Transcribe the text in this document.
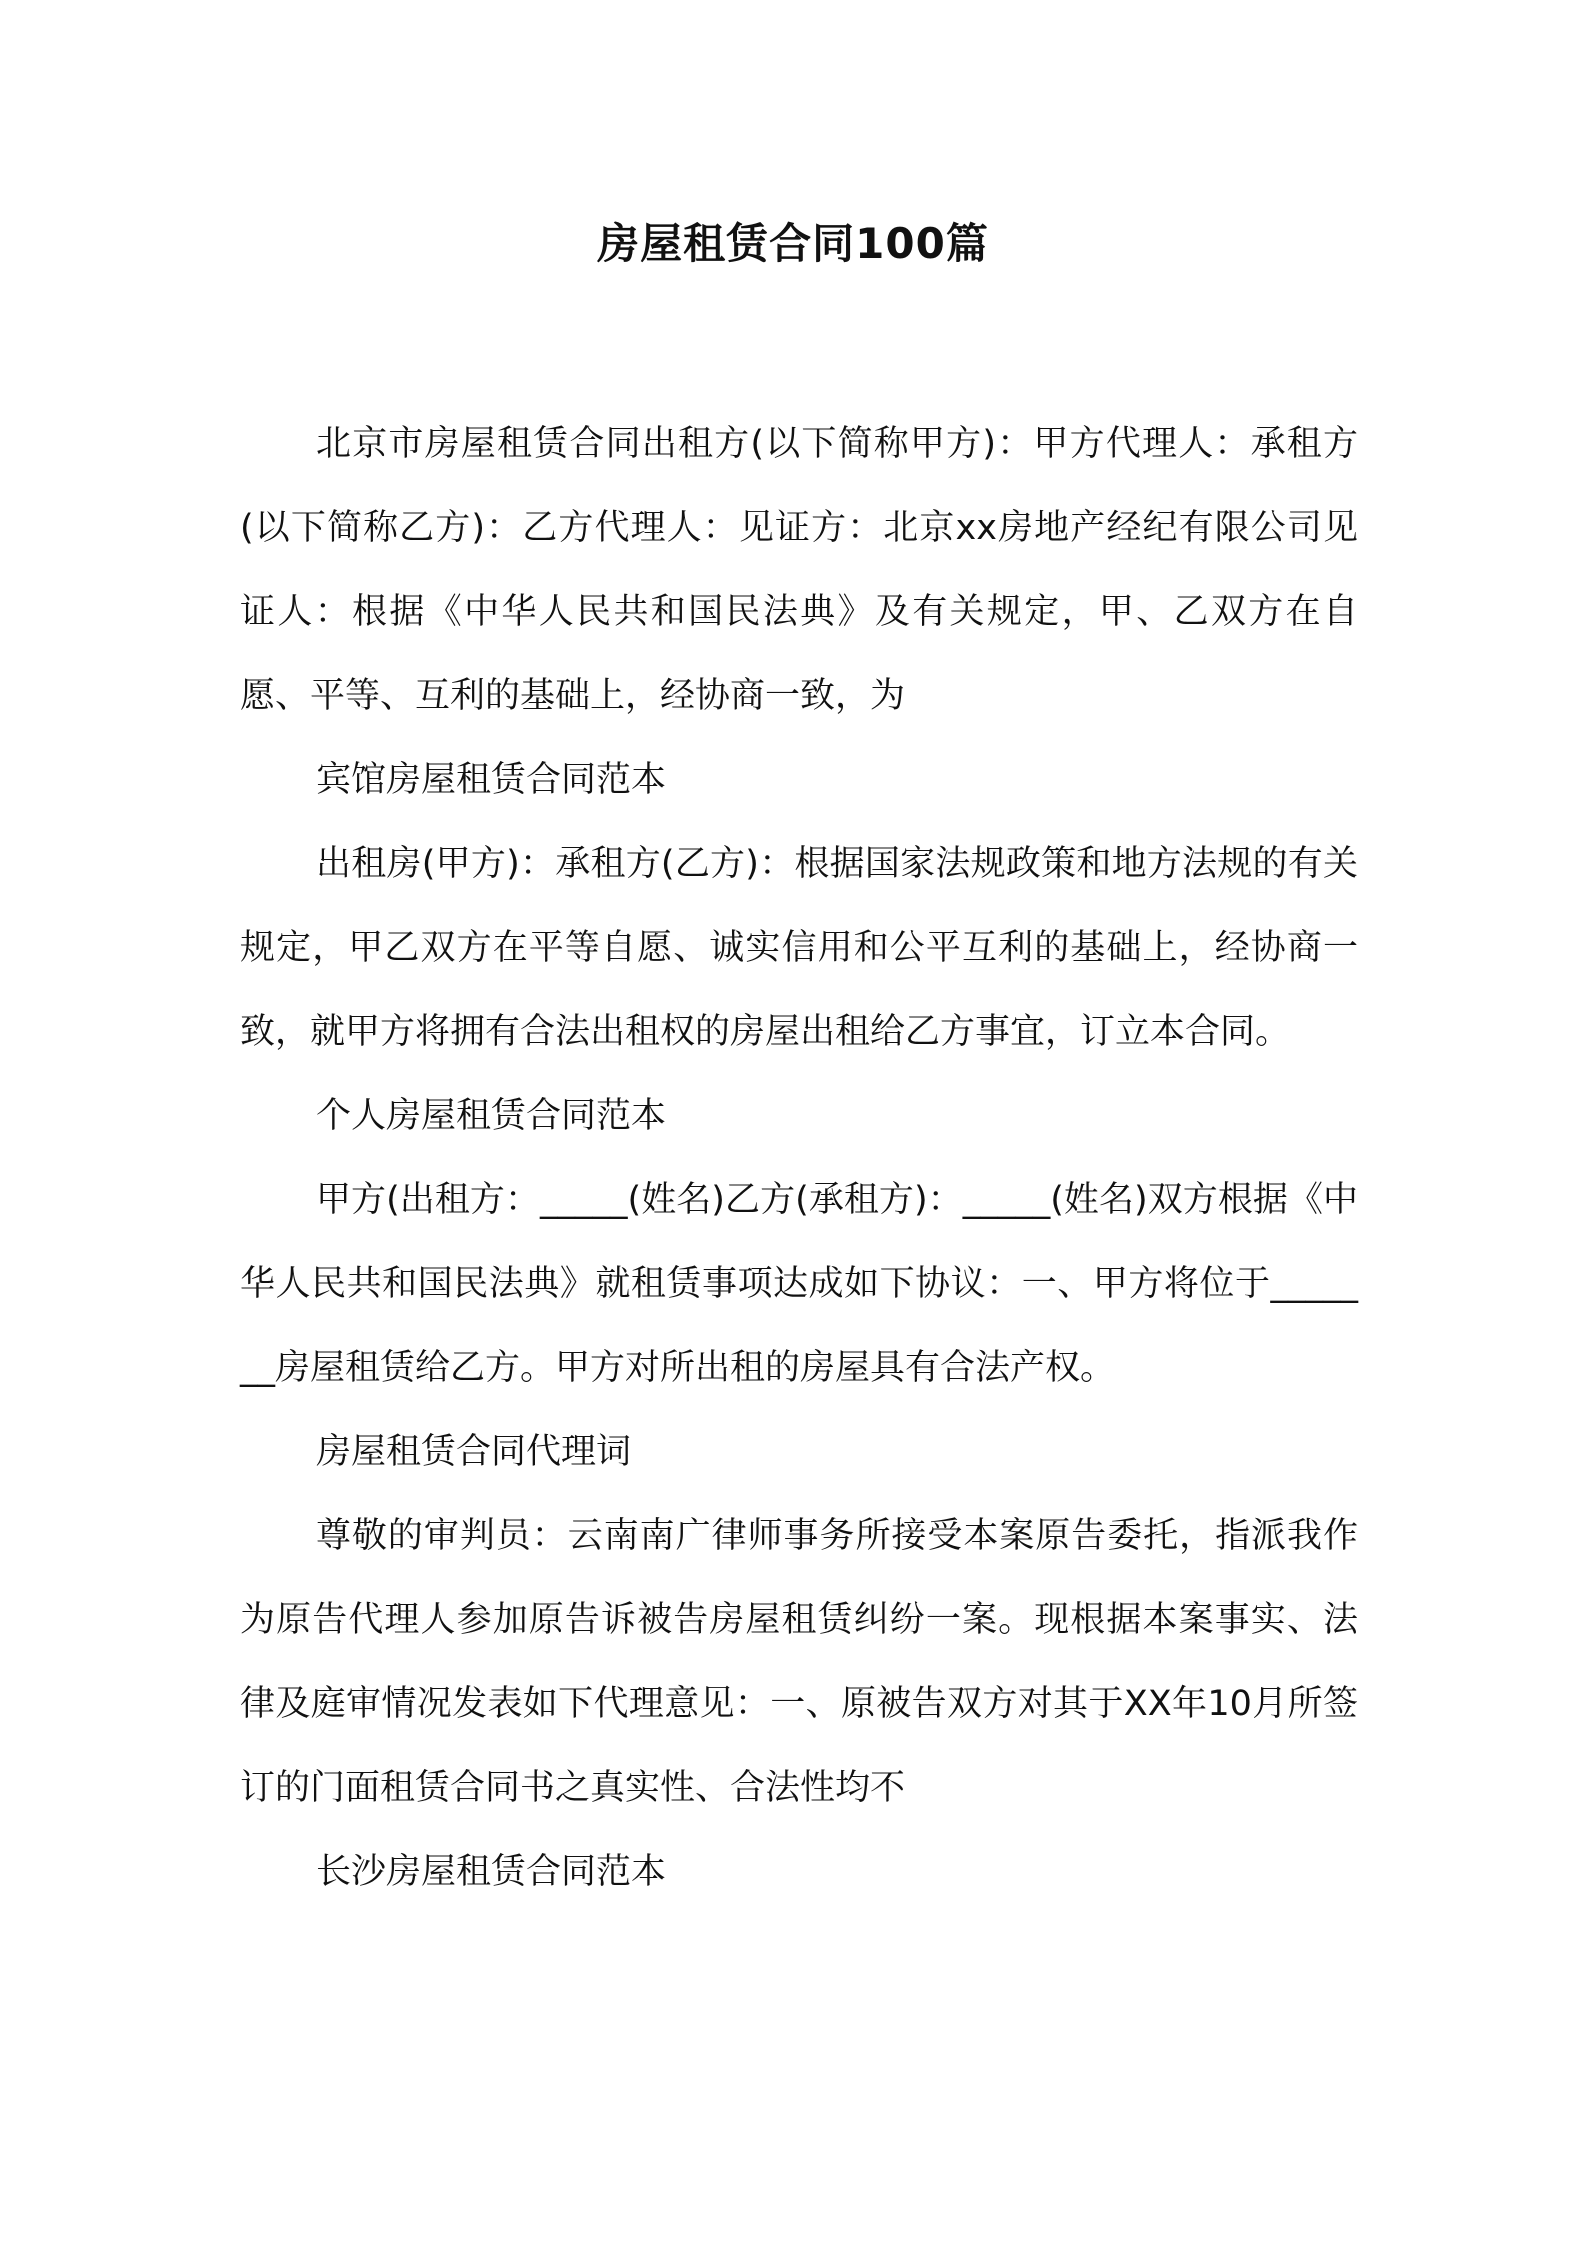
房屋租赁合同100篇

北京市房屋租赁合同出租方(以下简称甲方)：甲方代理人：承租方(以下简称乙方)：乙方代理人：见证方：北京xx房地产经纪有限公司见证人：根据《中华人民共和国民法典》及有关规定，甲、乙双方在自愿、平等、互利的基础上，经协商一致，为

宾馆房屋租赁合同范本

出租房(甲方)：承租方(乙方)：根据国家法规政策和地方法规的有关规定，甲乙双方在平等自愿、诚实信用和公平互利的基础上，经协商一致，就甲方将拥有合法出租权的房屋出租给乙方事宜，订立本合同。

个人房屋租赁合同范本

甲方(出租方：_____(姓名)乙方(承租方)：_____(姓名)双方根据《中华人民共和国民法典》就租赁事项达成如下协议：一、甲方将位于_______房屋租赁给乙方。甲方对所出租的房屋具有合法产权。

房屋租赁合同代理词

尊敬的审判员：云南南广律师事务所接受本案原告委托，指派我作为原告代理人参加原告诉被告房屋租赁纠纷一案。现根据本案事实、法律及庭审情况发表如下代理意见：一、原被告双方对其于XX年10月所签订的门面租赁合同书之真实性、合法性均不

长沙房屋租赁合同范本
